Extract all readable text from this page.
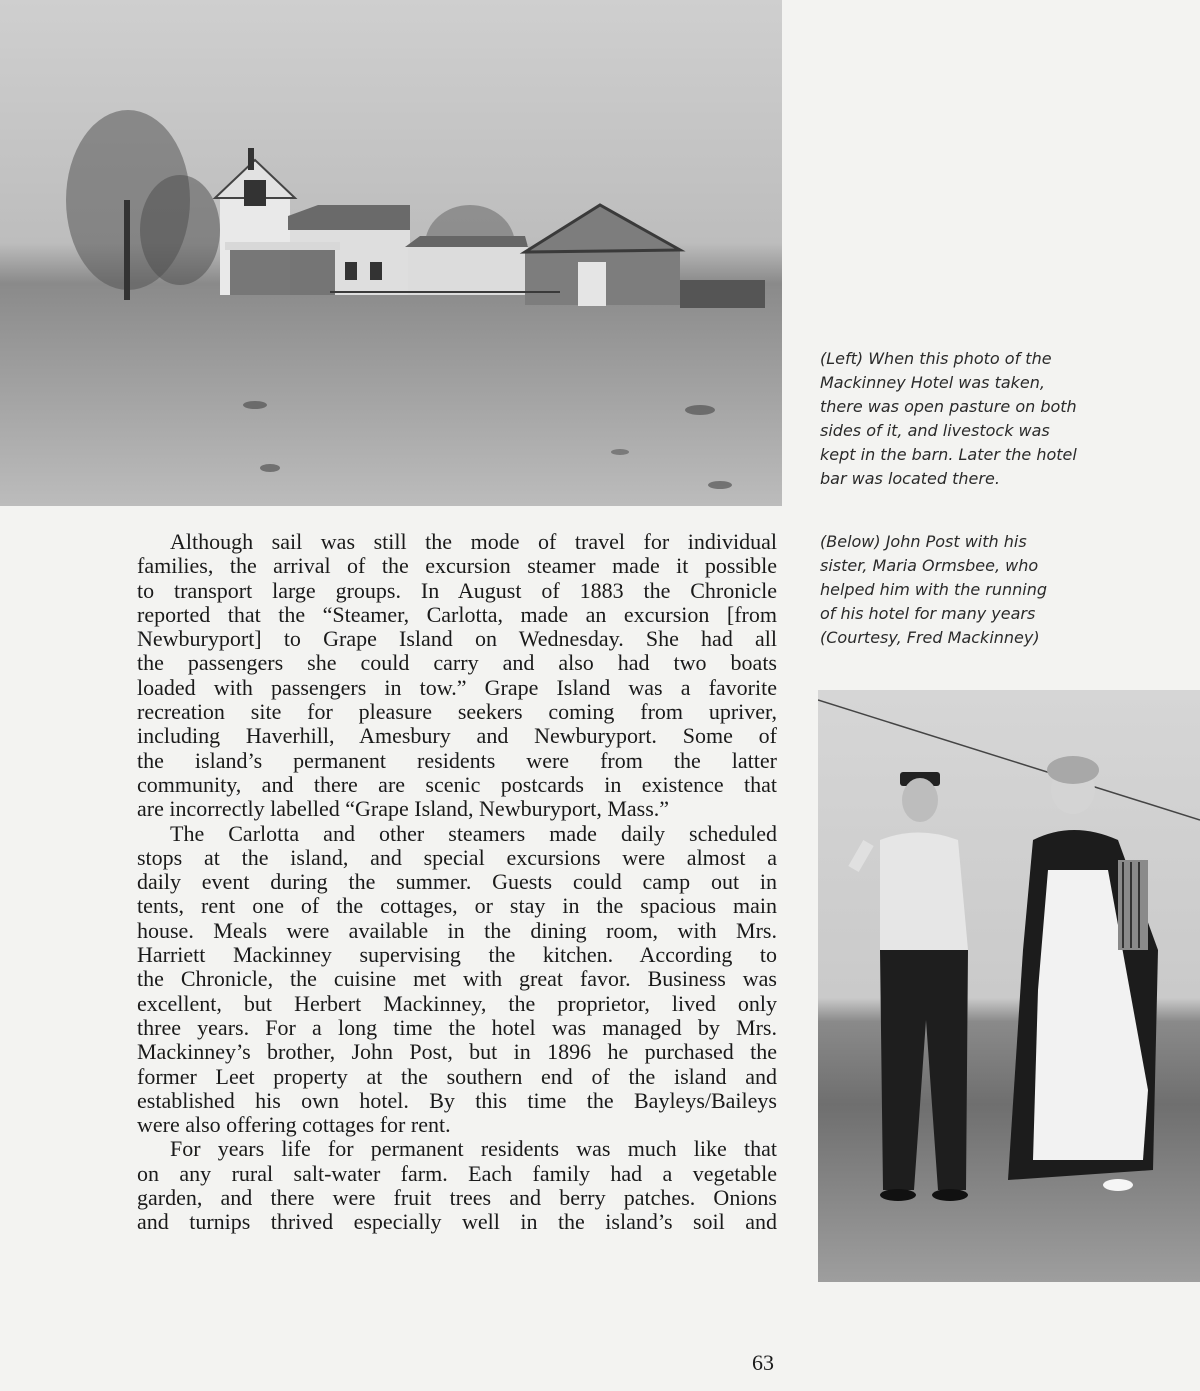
(Left) When this photo of the
Mackinney Hotel was taken,
there was open pasture on both
sides of it, and livestock was
kept in the barn. Later the hotel
bar was located there.
(Below) John Post with his
sister, Maria Ormsbee, who
helped him with the running
of his hotel for many years
(Courtesy, Fred Mackinney)
Although sail was still the mode of travel for individual
families, the arrival of the excursion steamer made it possible
to transport large groups. In August of 1883 the Chronicle
reported that the “Steamer, Carlotta, made an excursion [from
Newburyport] to Grape Island on Wednesday. She had all
the passengers she could carry and also had two boats
loaded with passengers in tow.” Grape Island was a favorite
recreation site for pleasure seekers coming from upriver,
including Haverhill, Amesbury and Newburyport. Some of
the island’s permanent residents were from the latter
community, and there are scenic postcards in existence that
are incorrectly labelled “Grape Island, Newburyport, Mass.”
The Carlotta and other steamers made daily scheduled
stops at the island, and special excursions were almost a
daily event during the summer. Guests could camp out in
tents, rent one of the cottages, or stay in the spacious main
house. Meals were available in the dining room, with Mrs.
Harriett Mackinney supervising the kitchen. According to
the Chronicle, the cuisine met with great favor. Business was
excellent, but Herbert Mackinney, the proprietor, lived only
three years. For a long time the hotel was managed by Mrs.
Mackinney’s brother, John Post, but in 1896 he purchased the
former Leet property at the southern end of the island and
established his own hotel. By this time the Bayleys/Baileys
were also offering cottages for rent.
For years life for permanent residents was much like that
on any rural salt-water farm. Each family had a vegetable
garden, and there were fruit trees and berry patches. Onions
and turnips thrived especially well in the island’s soil and
63
